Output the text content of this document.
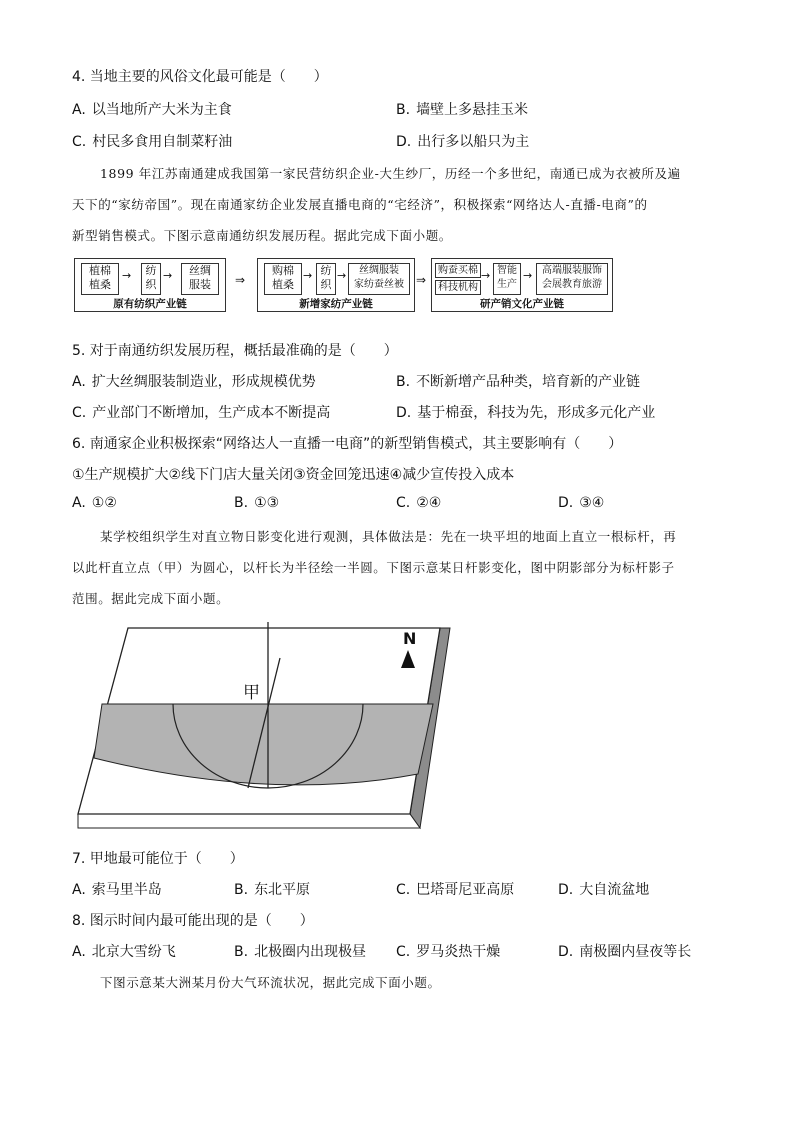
4. 当地主要的风俗文化最可能是（　　）
A. 以当地所产大米为主食	B. 墙壁上多悬挂玉米
C. 村民多食用自制菜籽油	D. 出行多以船只为主
1899 年江苏南通建成我国第一家民营纺织企业-大生纱厂，历经一个多世纪，南通已成为衣被所及遍
天下的“家纺帝国”。现在南通家纺企业发展直播电商的“宅经济”，积极探索“网络达人-直播-电商”的
新型销售模式。下图示意南通纺织发展历程。据此完成下面小题。
植棉
植桑
→	纺
织
→	丝绸
服装
原有纺织产业链
⇒
购棉
植桑
→ 纺
织
→	丝绸服装
家纺蚕丝被
新增家纺产业链
⇒
购蚕买棉
科技机构
→ 智能
生产
→ 高端服装服饰
会展教育旅游
研产销文化产业链
5. 对于南通纺织发展历程，概括最准确的是（　　）
A. 扩大丝绸服装制造业，形成规模优势	B. 不断新增产品种类，培育新的产业链
C. 产业部门不断增加，生产成本不断提高	D. 基于棉蚕，科技为先，形成多元化产业
6. 南通家企业积极探索“网络达人一直播一电商”的新型销售模式，其主要影响有（　　）
①生产规模扩大②线下门店大量关闭③资金回笼迅速④减少宣传投入成本
A. ①②	B. ①③	C. ②④	D. ③④
某学校组织学生对直立物日影变化进行观测，具体做法是：先在一块平坦的地面上直立一根标杆，再
以此杆直立点（甲）为圆心，以杆长为半径绘一半圆。下图示意某日杆影变化，图中阴影部分为标杆影子
范围。据此完成下面小题。
N
甲
7. 甲地最可能位于（　　）
A. 索马里半岛	B. 东北平原	C. 巴塔哥尼亚高原	D. 大自流盆地
8. 图示时间内最可能出现的是（　　）
A. 北京大雪纷飞	B. 北极圈内出现极昼 C. 罗马炎热干燥	D. 南极圈内昼夜等长
下图示意某大洲某月份大气环流状况，据此完成下面小题。
